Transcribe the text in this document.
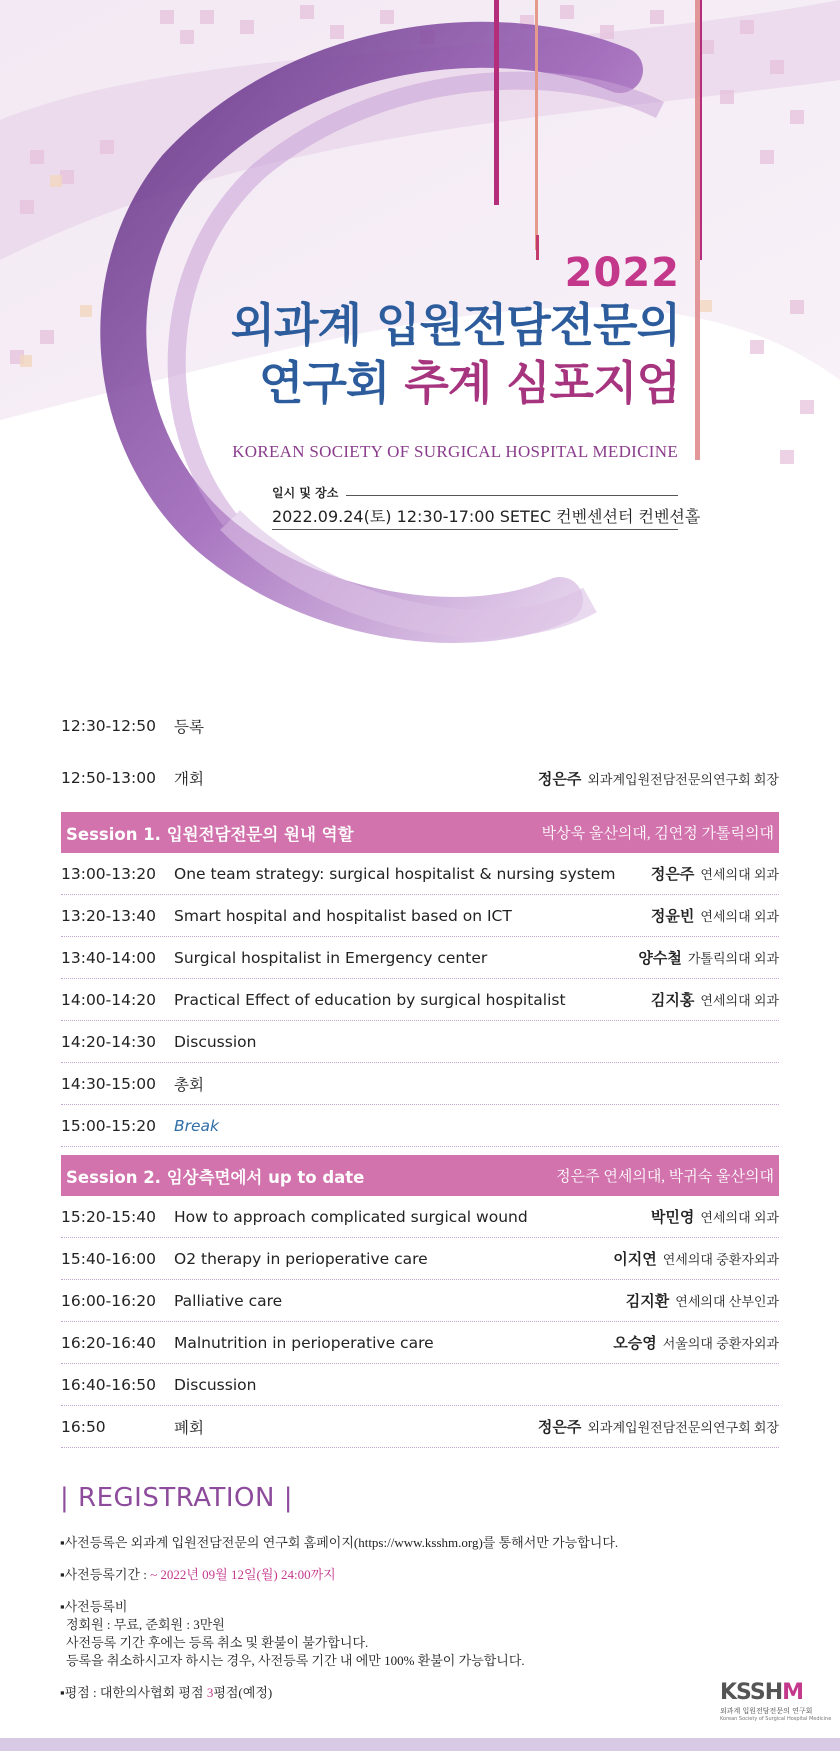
2022
외과계 입원전담전문의
연구회 추계 심포지엄
KOREAN SOCIETY OF SURGICAL HOSPITAL MEDICINE
일시 및 장소
2022.09.24(토) 12:30-17:00 SETEC 컨벤센션터 컨벤션홀
12:30-12:50	등록
12:50-13:00	개회	정은주 외과계입원전담전문의연구회 회장
Session 1. 입원전담전문의 원내 역할	박상욱 울산의대, 김연정 가톨릭의대
13:00-13:20	One team strategy: surgical hospitalist & nursing system	정은주 연세의대 외과
13:20-13:40	Smart hospital and hospitalist based on ICT	정윤빈 연세의대 외과
13:40-14:00	Surgical hospitalist in Emergency center	양수철 가톨릭의대 외과
14:00-14:20	Practical Effect of education by surgical hospitalist	김지홍 연세의대 외과
14:20-14:30	Discussion
14:30-15:00	총회
15:00-15:20	Break
Session 2. 임상측면에서 up to date	정은주 연세의대, 박귀숙 울산의대
15:20-15:40	How to approach complicated surgical wound	박민영 연세의대 외과
15:40-16:00	O2 therapy in perioperative care	이지연 연세의대 중환자외과
16:00-16:20	Palliative care	김지환 연세의대 산부인과
16:20-16:40	Malnutrition in perioperative care	오승영 서울의대 중환자외과
16:40-16:50	Discussion
16:50	폐회	정은주 외과계입원전담전문의연구회 회장
| REGISTRATION |

▪사전등록은 외과계 입원전담전문의 연구회 홈페이지(https://www.ksshm.org)를 통해서만 가능합니다.

▪사전등록기간 : ~ 2022년 09월 12일(월) 24:00까지

▪사전등록비
정회원 : 무료, 준회원 : 3만원
사전등록 기간 후에는 등록 취소 및 환불이 불가합니다.
등록을 취소하시고자 하시는 경우, 사전등록 기간 내 에만 100% 환불이 가능합니다.

▪평점 : 대한의사협회 평점 3평점(예정)	KSSHM
외과계 입원전담전문의 연구회
Korean Society of Surgical Hospital Medicine
